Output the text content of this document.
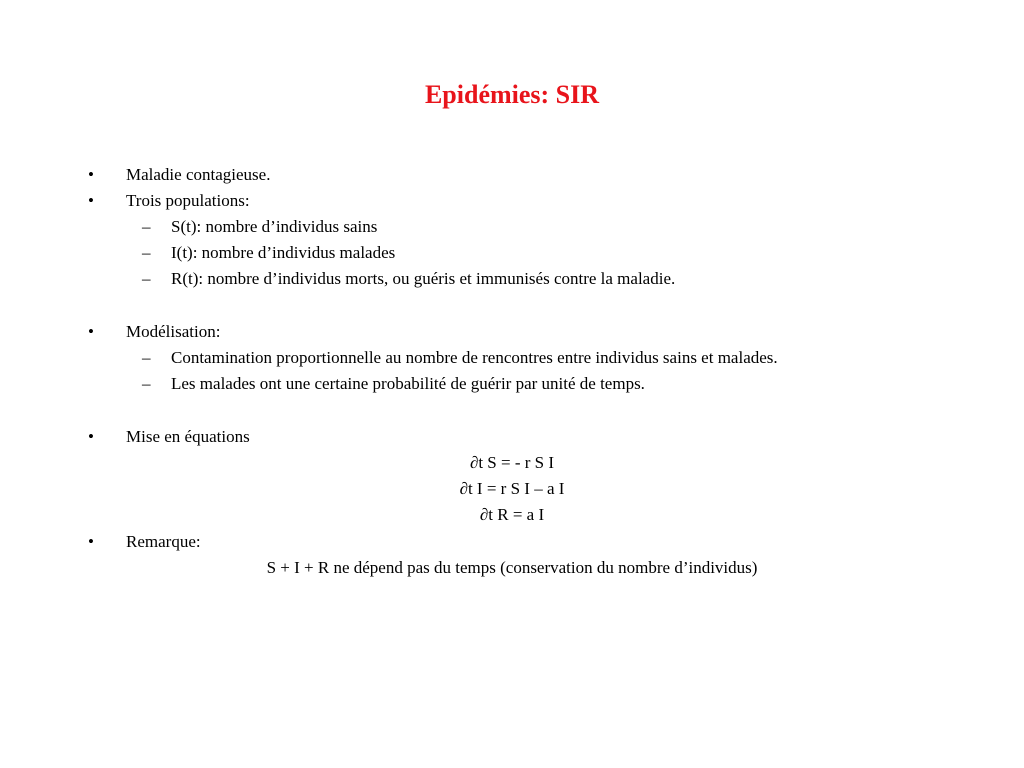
Epidémies: SIR
•	Maladie contagieuse.
•	Trois populations:
–	S(t): nombre d’individus sains
–	I(t): nombre d’individus malades
–	R(t): nombre d’individus morts, ou guéris et immunisés contre la maladie.
•	Modélisation:
–	Contamination proportionnelle au nombre de rencontres entre individus sains et malades.
–	Les malades ont une certaine probabilité de guérir par unité de temps.
•	Mise en équations
∂t S = - r S I
∂t I = r S I – a I
∂t R = a I
•	Remarque:
S + I + R ne dépend pas du temps (conservation du nombre d’individus)
